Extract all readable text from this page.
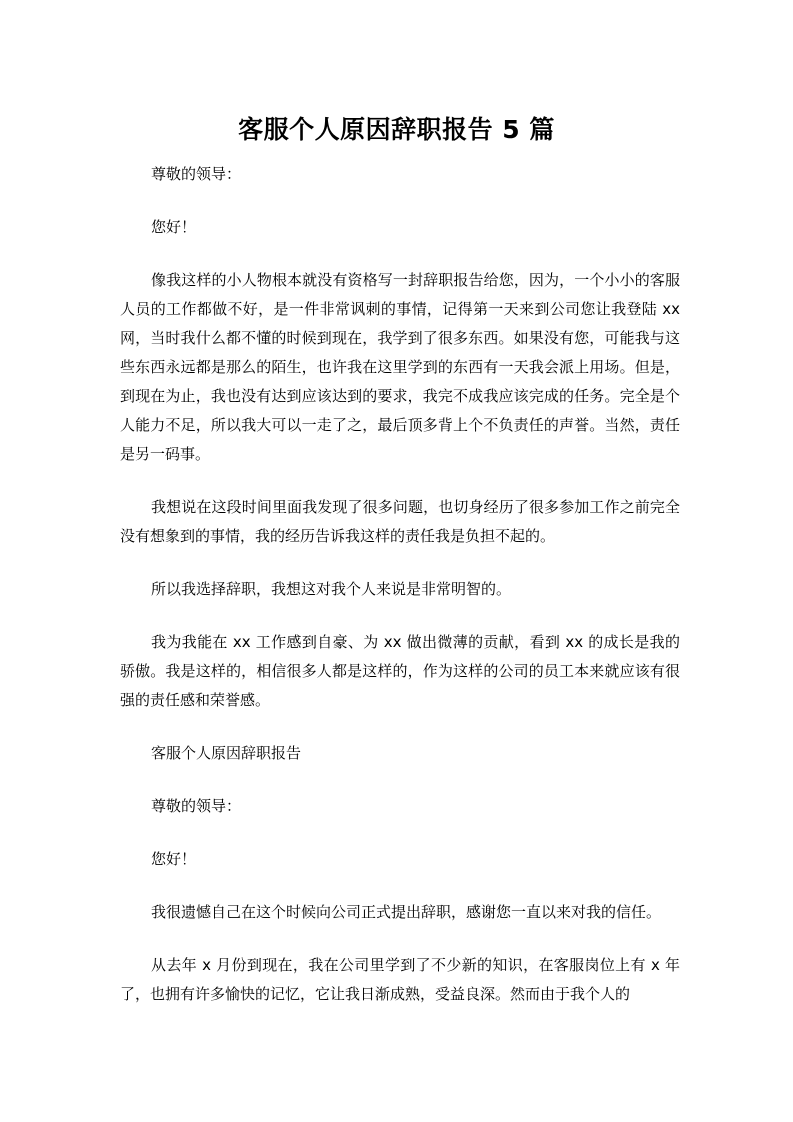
客服个人原因辞职报告 5 篇

尊敬的领导：

您好！

像我这样的小人物根本就没有资格写一封辞职报告给您，因为，一个小小的客服人员的工作都做不好，是一件非常讽刺的事情，记得第一天来到公司您让我登陆 xx 网，当时我什么都不懂的时候到现在，我学到了很多东西。如果没有您，可能我与这些东西永远都是那么的陌生，也许我在这里学到的东西有一天我会派上用场。但是，到现在为止，我也没有达到应该达到的要求，我完不成我应该完成的任务。完全是个人能力不足，所以我大可以一走了之，最后顶多背上个不负责任的声誉。当然，责任是另一码事。

我想说在这段时间里面我发现了很多问题，也切身经历了很多参加工作之前完全没有想象到的事情，我的经历告诉我这样的责任我是负担不起的。

所以我选择辞职，我想这对我个人来说是非常明智的。

我为我能在 xx 工作感到自豪、为 xx 做出微薄的贡献，看到 xx 的成长是我的骄傲。我是这样的，相信很多人都是这样的，作为这样的公司的员工本来就应该有很强的责任感和荣誉感。

客服个人原因辞职报告

尊敬的领导：

您好！

我很遗憾自己在这个时候向公司正式提出辞职，感谢您一直以来对我的信任。

从去年 x 月份到现在，我在公司里学到了不少新的知识，在客服岗位上有 x 年了，也拥有许多愉快的记忆，它让我日渐成熟，受益良深。然而由于我个人的
